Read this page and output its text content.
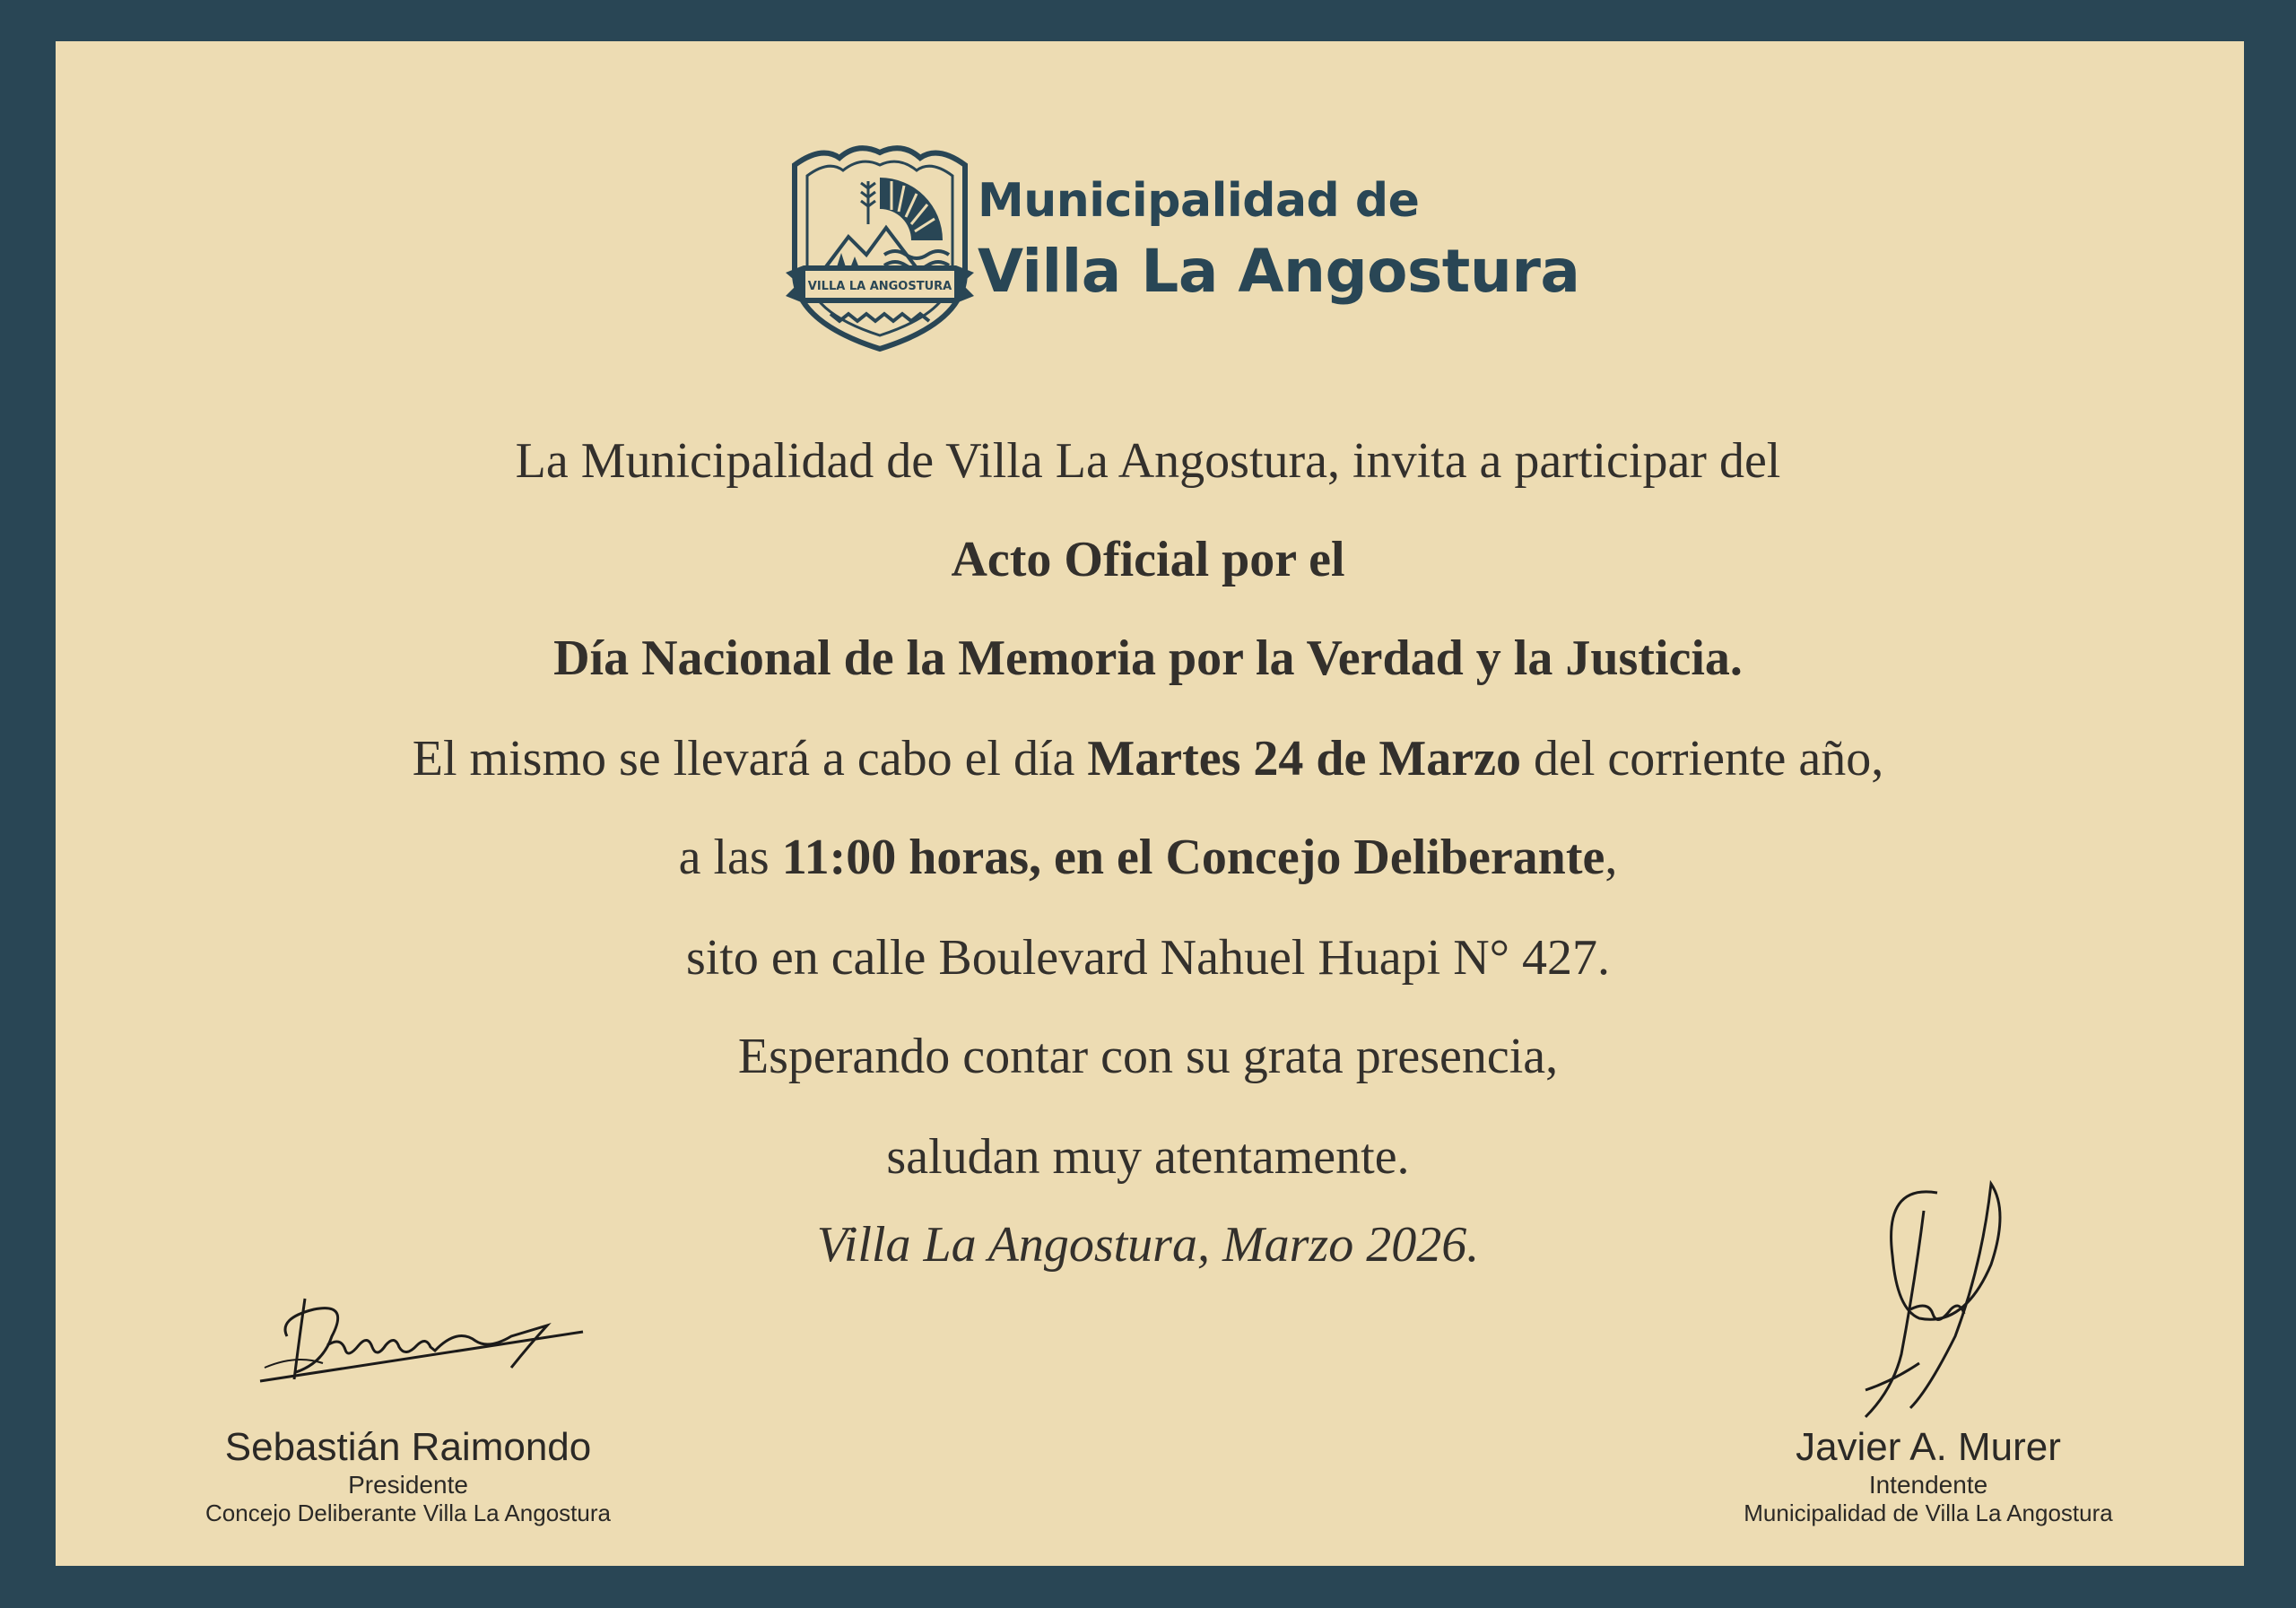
VILLA LA ANGOSTURA
Municipalidad de
Villa La Angostura
La Municipalidad de Villa La Angostura, invita a participar del
Acto Oficial por el
Día Nacional de la Memoria por la Verdad y la Justicia.
El mismo se llevará a cabo el día Martes 24 de Marzo del corriente año,
a las 11:00 horas, en el Concejo Deliberante,
sito en calle Boulevard Nahuel Huapi N° 427.
Esperando contar con su grata presencia,
saludan muy atentamente.
Villa La Angostura, Marzo 2026.
Sebastián Raimondo
Presidente
Concejo Deliberante Villa La Angostura
Javier A. Murer
Intendente
Municipalidad de Villa La Angostura
